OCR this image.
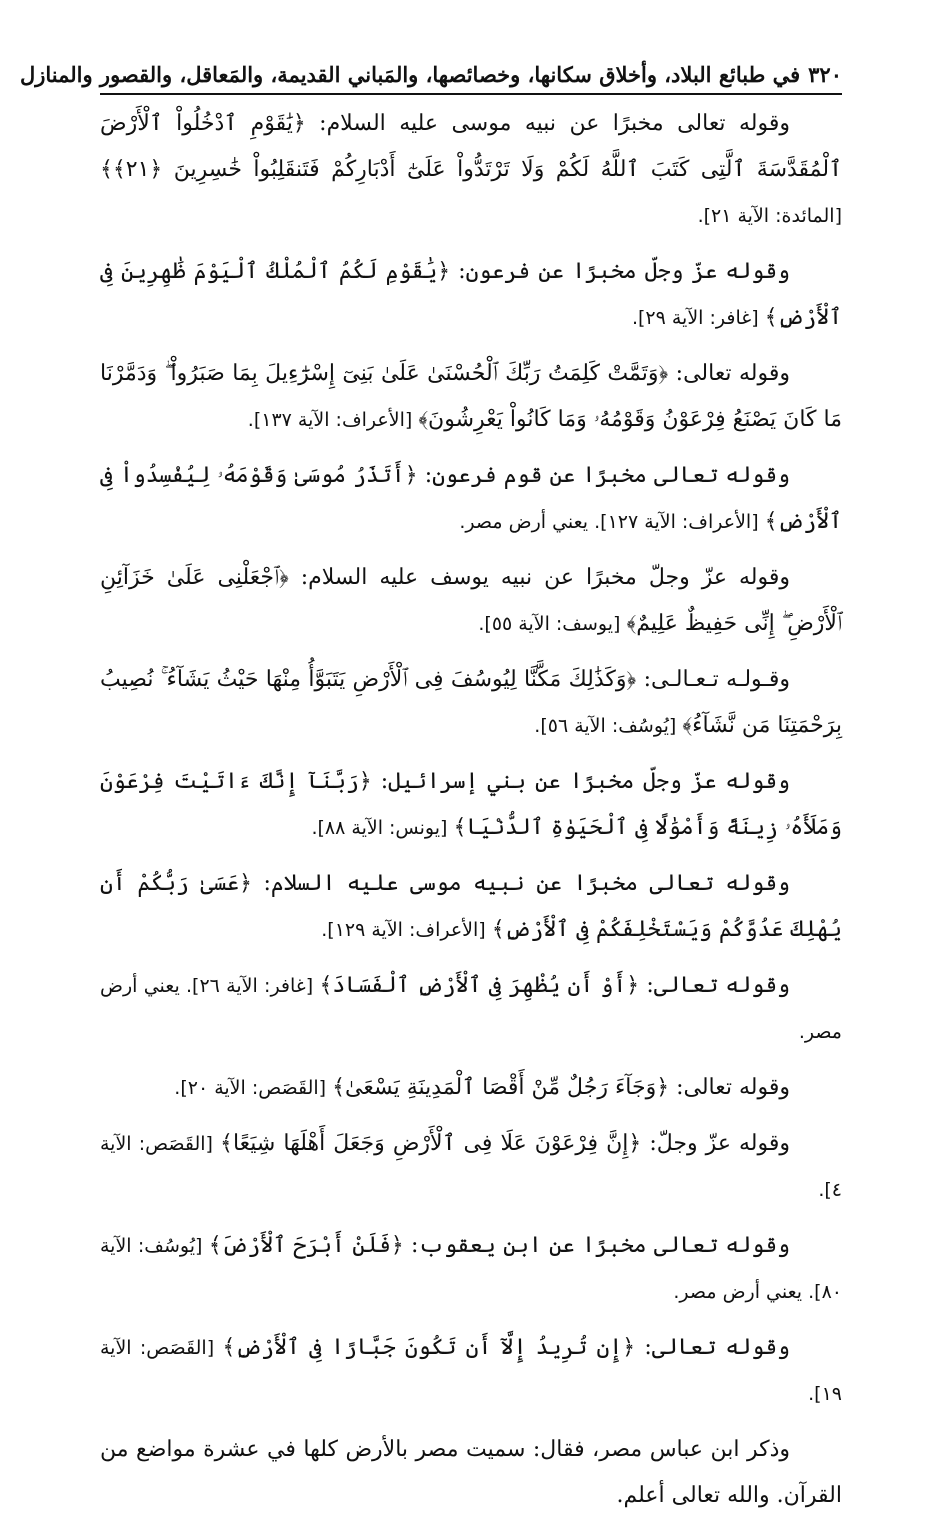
٣٢٠
في طبائع البلاد، وأخلاق سكانها، وخصائصها، والمَباني القديمة، والمَعاقل، والقصور والمنازل

وقوله تعالى مخبرًا عن نبيه موسى عليه السلام: ﴿يَٰقَوْمِ ٱدْخُلُواْ ٱلْأَرْضَ ٱلْمُقَدَّسَةَ ٱلَّتِى كَتَبَ ٱللَّهُ لَكُمْ وَلَا تَرْتَدُّواْ عَلَىٰٓ أَدْبَارِكُمْ فَتَنقَلِبُواْ خَٰسِرِينَ ﴿٢١﴾﴾ [المائدة: الآية ٢١].

وقوله عزّ وجلّ مخبرًا عن فرعون: ﴿يَٰقَوْمِ لَكُمُ ٱلْمُلْكُ ٱلْيَوْمَ ظَٰهِرِينَ فِى ٱلْأَرْضِ﴾ [غافر: الآية ٢٩].

وقوله تعالى: ﴿وَتَمَّتْ كَلِمَتُ رَبِّكَ ٱلْحُسْنَىٰ عَلَىٰ بَنِىٓ إِسْرَٰٓءِيلَ بِمَا صَبَرُواْ ۖ وَدَمَّرْنَا مَا كَانَ يَصْنَعُ فِرْعَوْنُ وَقَوْمُهُۥ وَمَا كَانُواْ يَعْرِشُونَ﴾ [الأعراف: الآية ١٣٧].

وقوله تعالى مخبرًا عن قوم فرعون: ﴿أَتَذَرُ مُوسَىٰ وَقَوْمَهُۥ لِيُفْسِدُواْ فِى ٱلْأَرْضِ﴾ [الأعراف: الآية ١٢٧]. يعني أرض مصر.

وقوله عزّ وجلّ مخبرًا عن نبيه يوسف عليه السلام: ﴿ٱجْعَلْنِى عَلَىٰ خَزَآئِنِ ٱلْأَرْضِ ۖ إِنِّى حَفِيظٌ عَلِيمٌ﴾ [يوسف: الآية ٥٥].

وقـولـه تـعـالـى: ﴿وَكَذَٰلِكَ مَكَّنَّا لِيُوسُفَ فِى ٱلْأَرْضِ يَتَبَوَّأُ مِنْهَا حَيْثُ يَشَآءُ ۚ نُصِيبُ بِرَحْمَتِنَا مَن نَّشَآءُ﴾ [يُوسُف: الآية ٥٦].

وقوله عزّ وجلّ مخبرًا عن بني إسرائيل: ﴿رَبَّنَآ إِنَّكَ ءَاتَيْتَ فِرْعَوْنَ وَمَلَأَهُۥ زِينَةً وَأَمْوَٰلًا فِى ٱلْحَيَوٰةِ ٱلدُّنْيَا﴾ [يونس: الآية ٨٨].

وقوله تعالى مخبرًا عن نبيه موسى عليه السلام: ﴿عَسَىٰ رَبُّكُمْ أَن يُهْلِكَ عَدُوَّكُمْ وَيَسْتَخْلِفَكُمْ فِى ٱلْأَرْضِ﴾ [الأعراف: الآية ١٢٩].

وقوله تعالى: ﴿أَوْ أَن يُظْهِرَ فِى ٱلْأَرْضِ ٱلْفَسَادَ﴾ [غافر: الآية ٢٦]. يعني أرض مصر.

وقوله تعالى: ﴿وَجَآءَ رَجُلٌ مِّنْ أَقْصَا ٱلْمَدِينَةِ يَسْعَىٰ﴾ [القَصَص: الآية ٢٠].

وقوله عزّ وجلّ: ﴿إِنَّ فِرْعَوْنَ عَلَا فِى ٱلْأَرْضِ وَجَعَلَ أَهْلَهَا شِيَعًا﴾ [القَصَص: الآية ٤].

وقوله تعالى مخبرًا عن ابن يعقوب: ﴿فَلَنْ أَبْرَحَ ٱلْأَرْضَ﴾ [يُوسُف: الآية ٨٠]. يعني أرض مصر.

وقوله تعالى: ﴿إِن تُرِيدُ إِلَّآ أَن تَكُونَ جَبَّارًا فِى ٱلْأَرْضِ﴾ [القَصَص: الآية ١٩].

وذكر ابن عباس مصر، فقال: سميت مصر بالأرض كلها في عشرة مواضع من القرآن. والله تعالى أعلم.
